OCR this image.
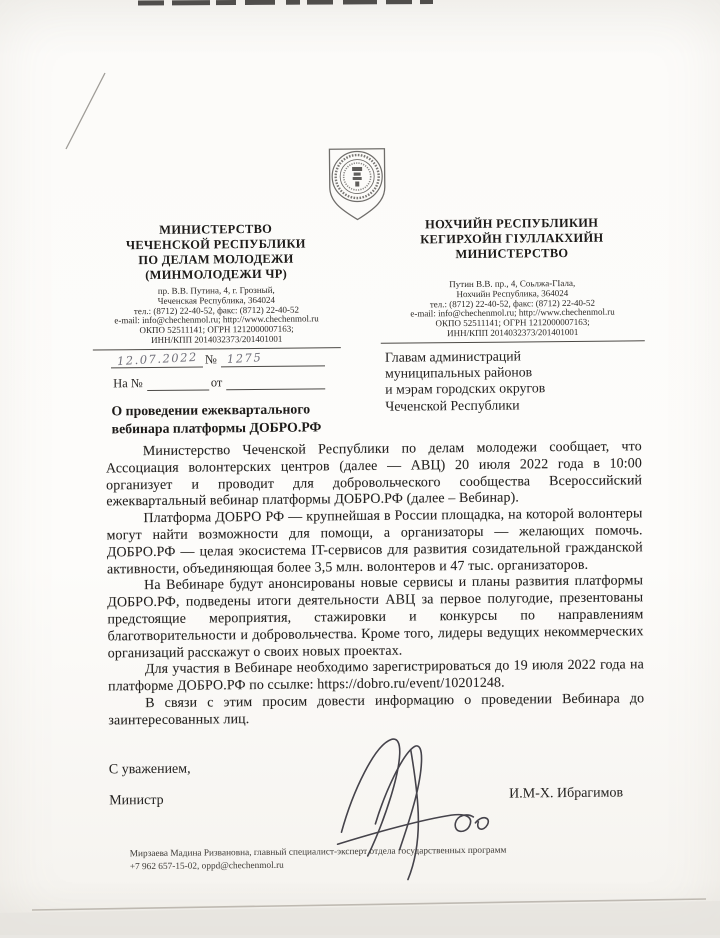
МИНИСТЕРСТВО
ЧЕЧЕНСКОЙ РЕСПУБЛИКИ
ПО ДЕЛАМ МОЛОДЕЖИ
(МИНМОЛОДЕЖИ ЧР)
пр. В.В. Путина, 4, г. Грозный,
Чеченская Республика, 364024
тел.: (8712) 22-40-52, факс: (8712) 22-40-52
e-mail: info@chechenmol.ru; http://www.chechenmol.ru
ОКПО 52511141; ОГРН 1212000007163;
ИНН/КПП 2014032373/201401001
НОХЧИЙН РЕСПУБЛИКИН
КЕГИРХОЙН ГIУЛЛАКХИЙН
МИНИСТЕРСТВО
Путин В.В. пр., 4, Соьлжа-ГIала,
Нохчийн Республика, 364024
тел.: (8712) 22-40-52, факс: (8712) 22-40-52
e-mail: info@chechenmol.ru; http://www.chechenmol.ru
ОКПО 52511141; ОГРН 1212000007163;
ИНН/КПП 2014032373/201401001
12.07.2022 № 1275
На №	от
О проведении ежеквартального
вебинара платформы ДОБРО.РФ
Главам администраций
муниципальных районов
и мэрам городских округов
Чеченской Республики

Министерство Чеченской Республики по делам молодежи сообщает, что Ассоциация волонтерских центров (далее — АВЦ) 20 июля 2022 года в 10:00 организует и проводит для добровольческого сообщества Всероссийский ежеквартальный вебинар платформы ДОБРО.РФ (далее – Вебинар).

Платформа ДОБРО РФ — крупнейшая в России площадка, на которой волонтеры могут найти возможности для помощи, а организаторы — желающих помочь. ДОБРО.РФ — целая экосистема IT-сервисов для развития созидательной гражданской активности, объединяющая более 3,5 млн. волонтеров и 47 тыс. организаторов.

На Вебинаре будут анонсированы новые сервисы и планы развития платформы ДОБРО.РФ, подведены итоги деятельности АВЦ за первое полугодие, презентованы предстоящие мероприятия, стажировки и конкурсы по направлениям благотворительности и добровольчества. Кроме того, лидеры ведущих некоммерческих организаций расскажут о своих новых проектах.

Для участия в Вебинаре необходимо зарегистрироваться до 19 июля 2022 года на платформе ДОБРО.РФ по ссылке: https://dobro.ru/event/10201248.

В связи с этим просим довести информацию о проведении Вебинара до заинтересованных лиц.

С уважением,
Министр	И.М-Х. Ибрагимов
Мирзаева Мадина Ризвановна, главный специалист-эксперт отдела государственных программ
+7 962 657-15-02, oppd@chechenmol.ru
